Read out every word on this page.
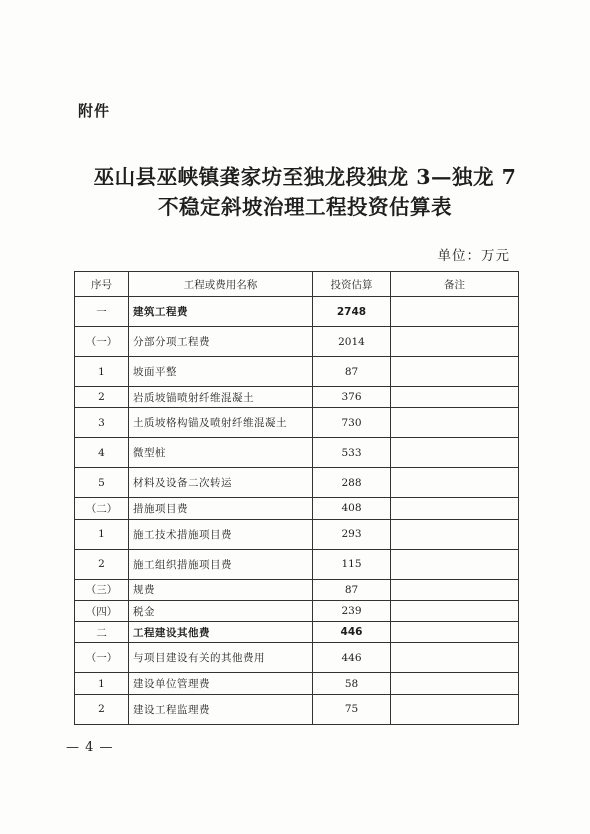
附件
巫山县巫峡镇龚家坊至独龙段独龙 3—独龙 7
不稳定斜坡治理工程投资估算表
单位：万元
序号	工程或费用名称	投资估算	备注
一	建筑工程费	2748	
（一）	分部分项工程费	2014	
1	坡面平整	87	
2	岩质坡锚喷射纤维混凝土	376	
3	土质坡格构锚及喷射纤维混凝土	730	
4	微型桩	533	
5	材料及设备二次转运	288	
（二）	措施项目费	408	
1	施工技术措施项目费	293	
2	施工组织措施项目费	115	
（三）	规费	87	
（四）	税金	239	
二	工程建设其他费	446	
（一）	与项目建设有关的其他费用	446	
1	建设单位管理费	58	
2	建设工程监理费	75	
— 4 —
